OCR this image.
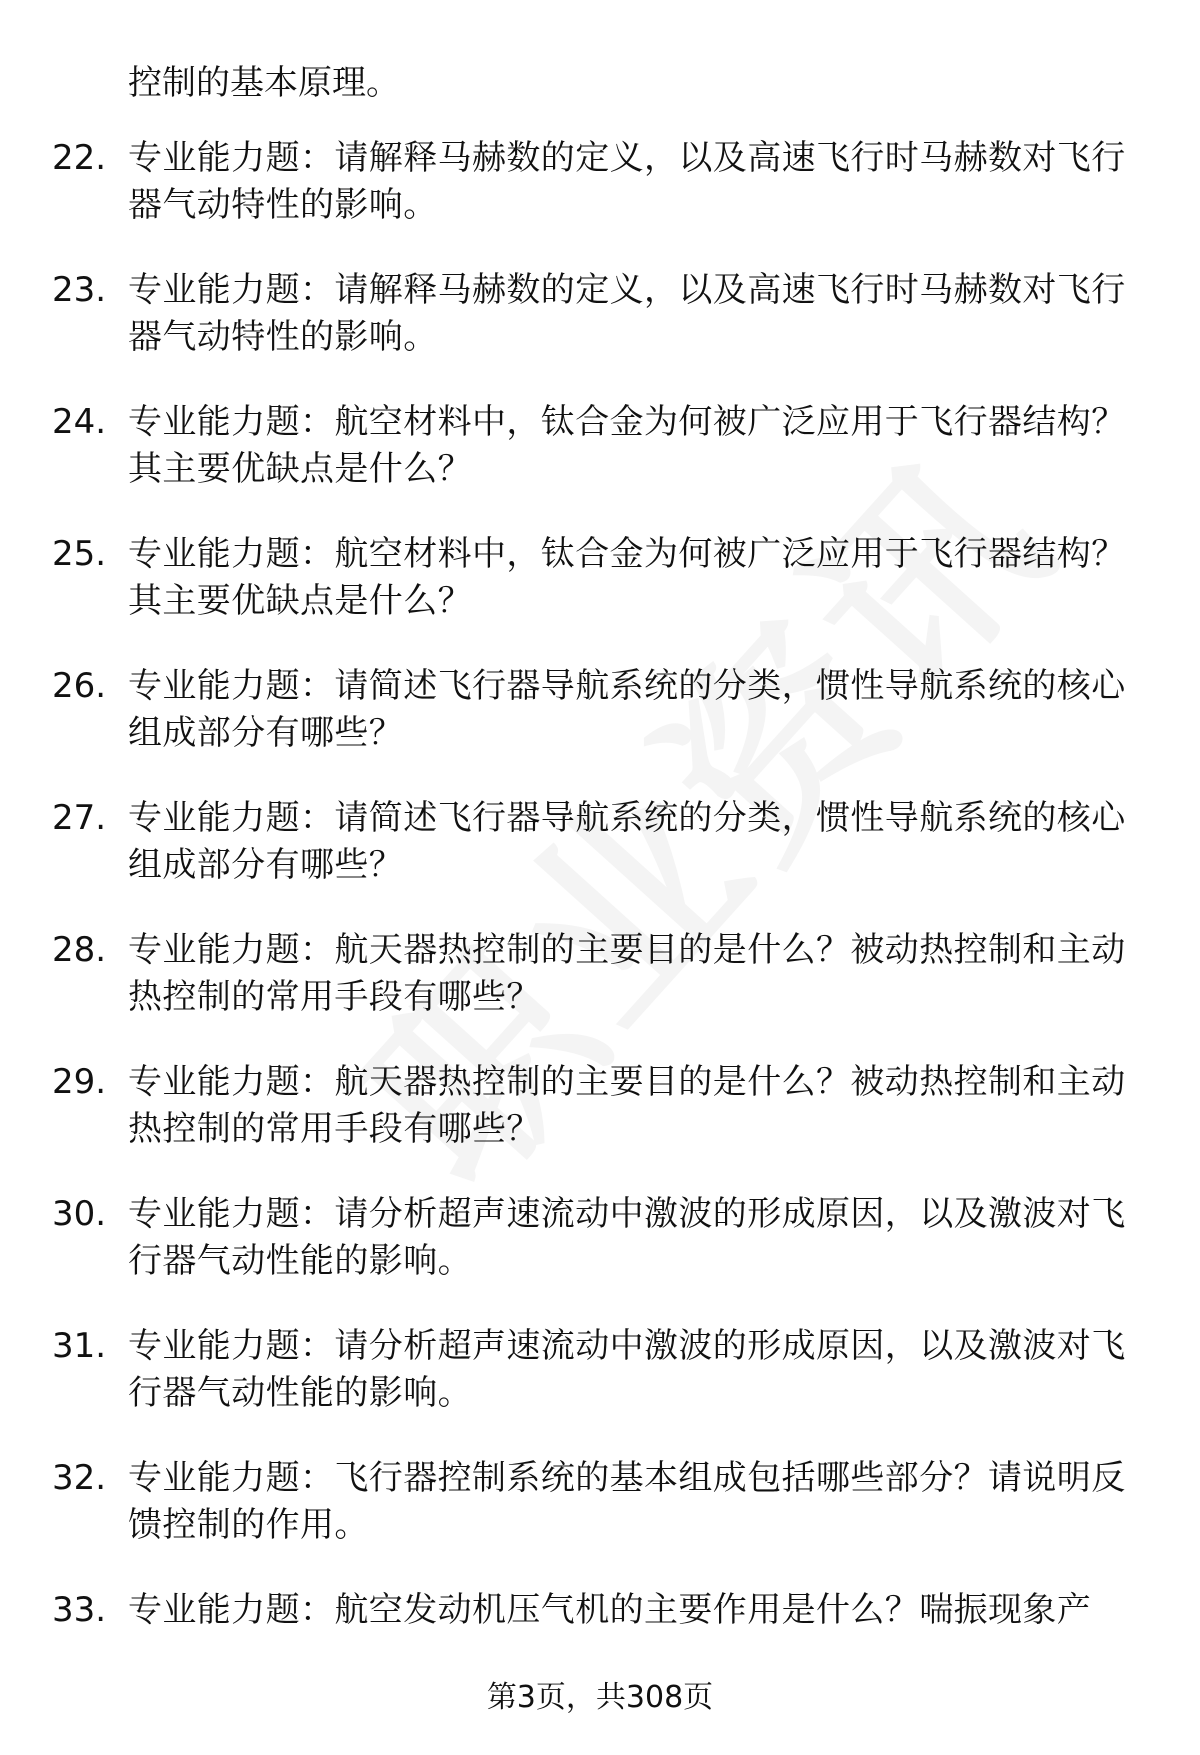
控制的基本原理。
22. 专业能力题：请解释马赫数的定义，以及高速飞行时马赫数对飞行器气动特性的影响。
23. 专业能力题：请解释马赫数的定义，以及高速飞行时马赫数对飞行器气动特性的影响。
24. 专业能力题：航空材料中，钛合金为何被广泛应用于飞行器结构？其主要优缺点是什么？
25. 专业能力题：航空材料中，钛合金为何被广泛应用于飞行器结构？其主要优缺点是什么？
26. 专业能力题：请简述飞行器导航系统的分类，惯性导航系统的核心组成部分有哪些？
27. 专业能力题：请简述飞行器导航系统的分类，惯性导航系统的核心组成部分有哪些？
28. 专业能力题：航天器热控制的主要目的是什么？被动热控制和主动热控制的常用手段有哪些？
29. 专业能力题：航天器热控制的主要目的是什么？被动热控制和主动热控制的常用手段有哪些？
30. 专业能力题：请分析超声速流动中激波的形成原因，以及激波对飞行器气动性能的影响。
31. 专业能力题：请分析超声速流动中激波的形成原因，以及激波对飞行器气动性能的影响。
32. 专业能力题：飞行器控制系统的基本组成包括哪些部分？请说明反馈控制的作用。
33. 专业能力题：航空发动机压气机的主要作用是什么？喘振现象产
第3页，共308页
